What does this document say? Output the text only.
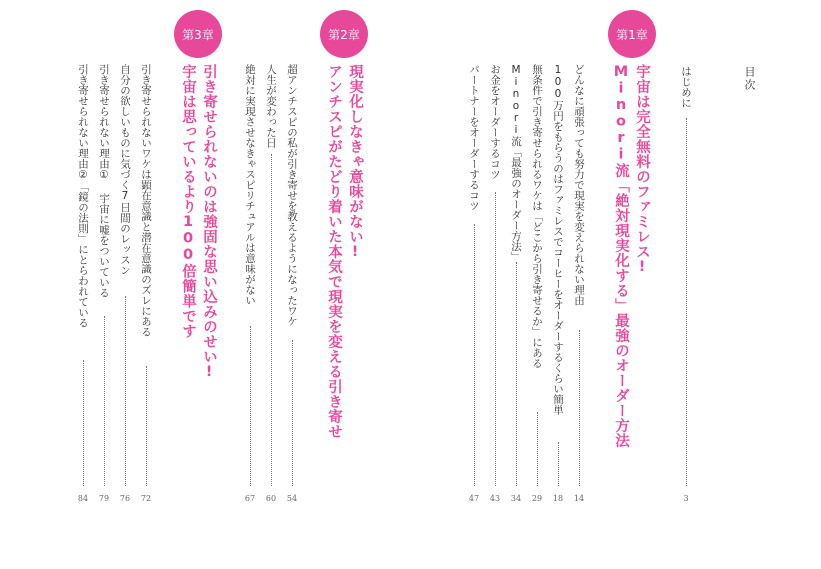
目次
はじめに
3
第1章
宇宙は完全無料のファミレス!
Minori流「絶対現実化する」最強のオーダー方法
どんなに頑張っても努力で現実を変えられない理由
14
100万円をもらうのはファミレスでコーヒーをオーダーするくらい簡単
18
無条件で引き寄せられるワケは「どこから引き寄せるか」にある
29
Minori流「最強のオーダー方法」
34
お金をオーダーするコツ
43
パートナーをオーダーするコツ
47
第2章
現実化しなきゃ意味がない!
アンチスピがたどり着いた本気で現実を変える引き寄せ
超アンチスピの私が引き寄せを教えるようになったワケ
54
人生が変わった日
60
絶対に実現させなきゃスピリチュアルは意味がない
67
第3章
引き寄せられないのは強固な思い込みのせい!
宇宙は思っているより100倍簡単です
引き寄せられないワケは顕在意識と潜在意識のズレにある
72
自分の欲しいものに気づく7日間のレッスン
76
引き寄せられない理由① 宇宙に嘘をついている
79
引き寄せられない理由②「鏡の法則」にとらわれている
84
